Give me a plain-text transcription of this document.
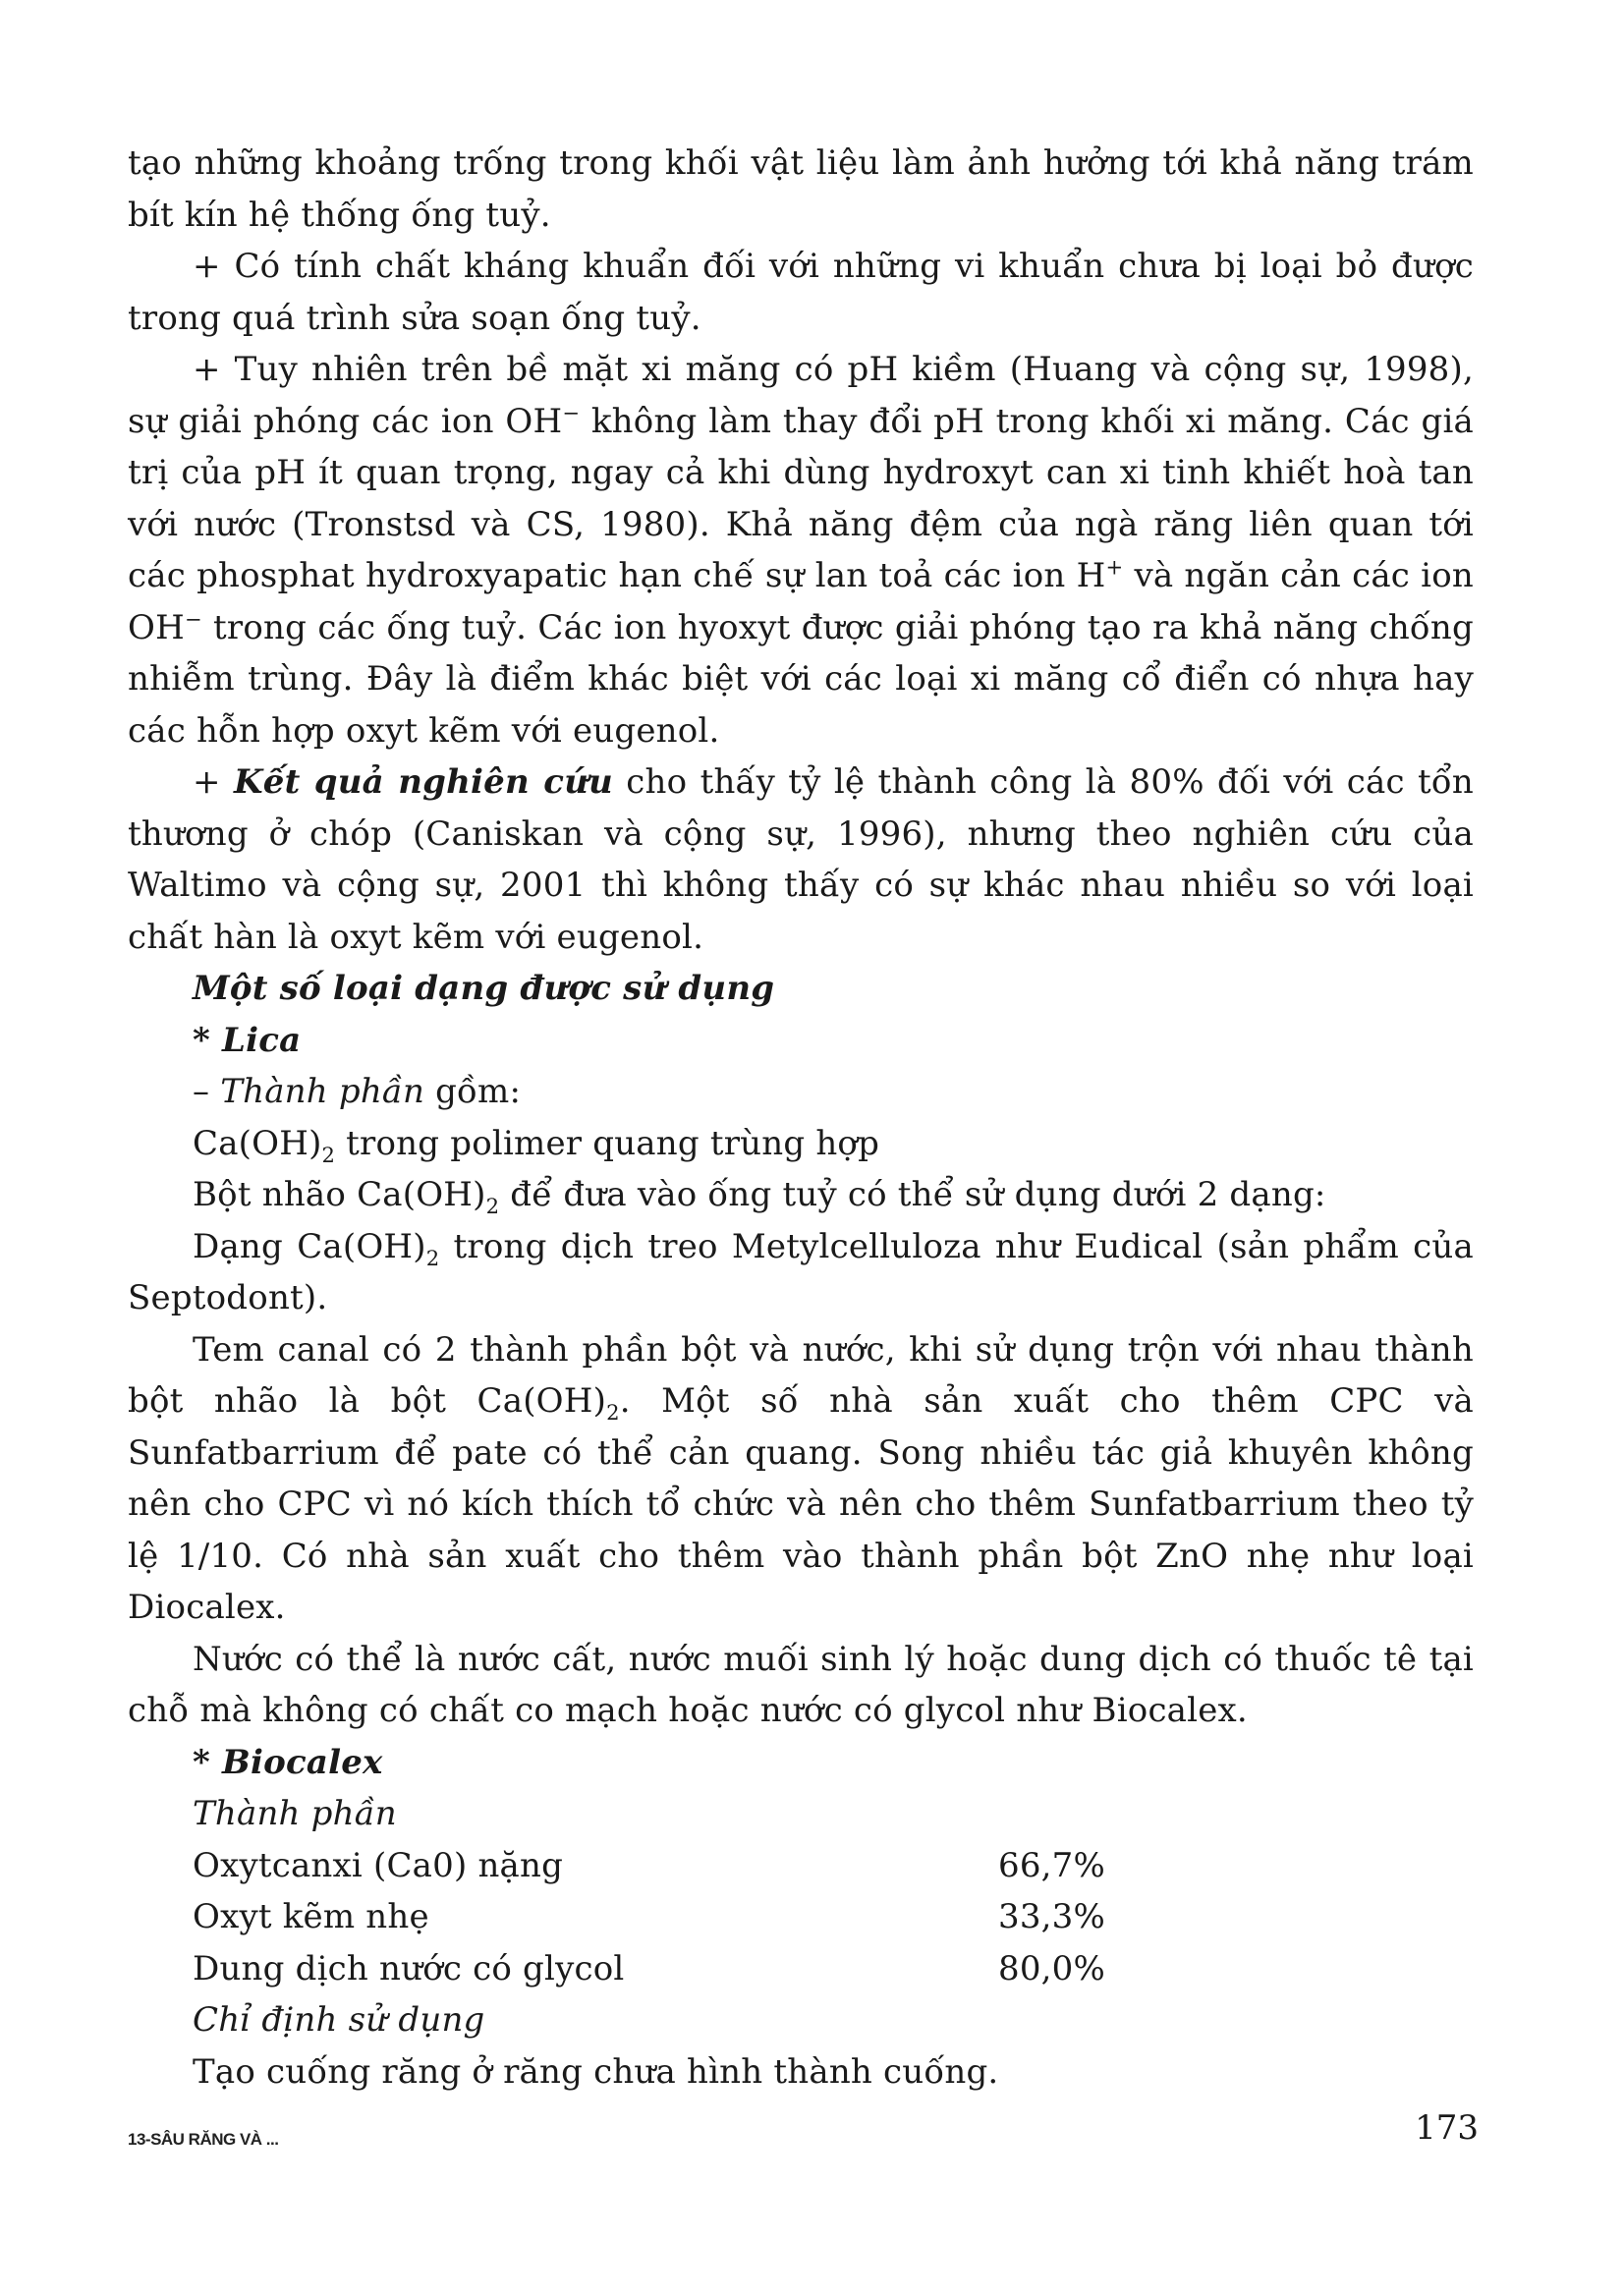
tạo những khoảng trống trong khối vật liệu làm ảnh hưởng tới khả năng trám bít kín hệ thống ống tuỷ.

+ Có tính chất kháng khuẩn đối với những vi khuẩn chưa bị loại bỏ được trong quá trình sửa soạn ống tuỷ.

+ Tuy nhiên trên bề mặt xi măng có pH kiềm (Huang và cộng sự, 1998), sự giải phóng các ion OH− không làm thay đổi pH trong khối xi măng. Các giá trị của pH ít quan trọng, ngay cả khi dùng hydroxyt can xi tinh khiết hoà tan với nước (Tronstsd và CS, 1980). Khả năng đệm của ngà răng liên quan tới các phosphat hydroxyapatic hạn chế sự lan toả các ion H+ và ngăn cản các ion OH− trong các ống tuỷ. Các ion hyoxyt được giải phóng tạo ra khả năng chống nhiễm trùng. Đây là điểm khác biệt với các loại xi măng cổ điển có nhựa hay các hỗn hợp oxyt kẽm với eugenol.

+ Kết quả nghiên cứu cho thấy tỷ lệ thành công là 80% đối với các tổn thương ở chóp (Caniskan và cộng sự, 1996), nhưng theo nghiên cứu của Waltimo và cộng sự, 2001 thì không thấy có sự khác nhau nhiều so với loại chất hàn là oxyt kẽm với eugenol.

Một số loại dạng được sử dụng

* Lica

– Thành phần gồm:

$Ca(OH)_2$ trong polimer quang trùng hợp

Bột nhão $Ca(OH)_2$ để đưa vào ống tuỷ có thể sử dụng dưới 2 dạng:

Dạng $Ca(OH)_2$ trong dịch treo Metylcelluloza như Eudical (sản phẩm của Septodont).

Tem canal có 2 thành phần bột và nước, khi sử dụng trộn với nhau thành bột nhão là bột $Ca(OH)_2$. Một số nhà sản xuất cho thêm CPC và Sunfatbarrium để pate có thể cản quang. Song nhiều tác giả khuyên không nên cho CPC vì nó kích thích tổ chức và nên cho thêm Sunfatbarrium theo tỷ lệ 1/10. Có nhà sản xuất cho thêm vào thành phần bột ZnO nhẹ như loại Diocalex.

Nước có thể là nước cất, nước muối sinh lý hoặc dung dịch có thuốc tê tại chỗ mà không có chất co mạch hoặc nước có glycol như Biocalex.

* Biocalex

Thành phần

Oxytcanxi (Ca0) nặng	66,7%
Oxyt kẽm nhẹ	33,3%
Dung dịch nước có glycol	80,0%

Chỉ định sử dụng

Tạo cuống răng ở răng chưa hình thành cuống.

13-SÂU RĂNG VÀ ...	173
